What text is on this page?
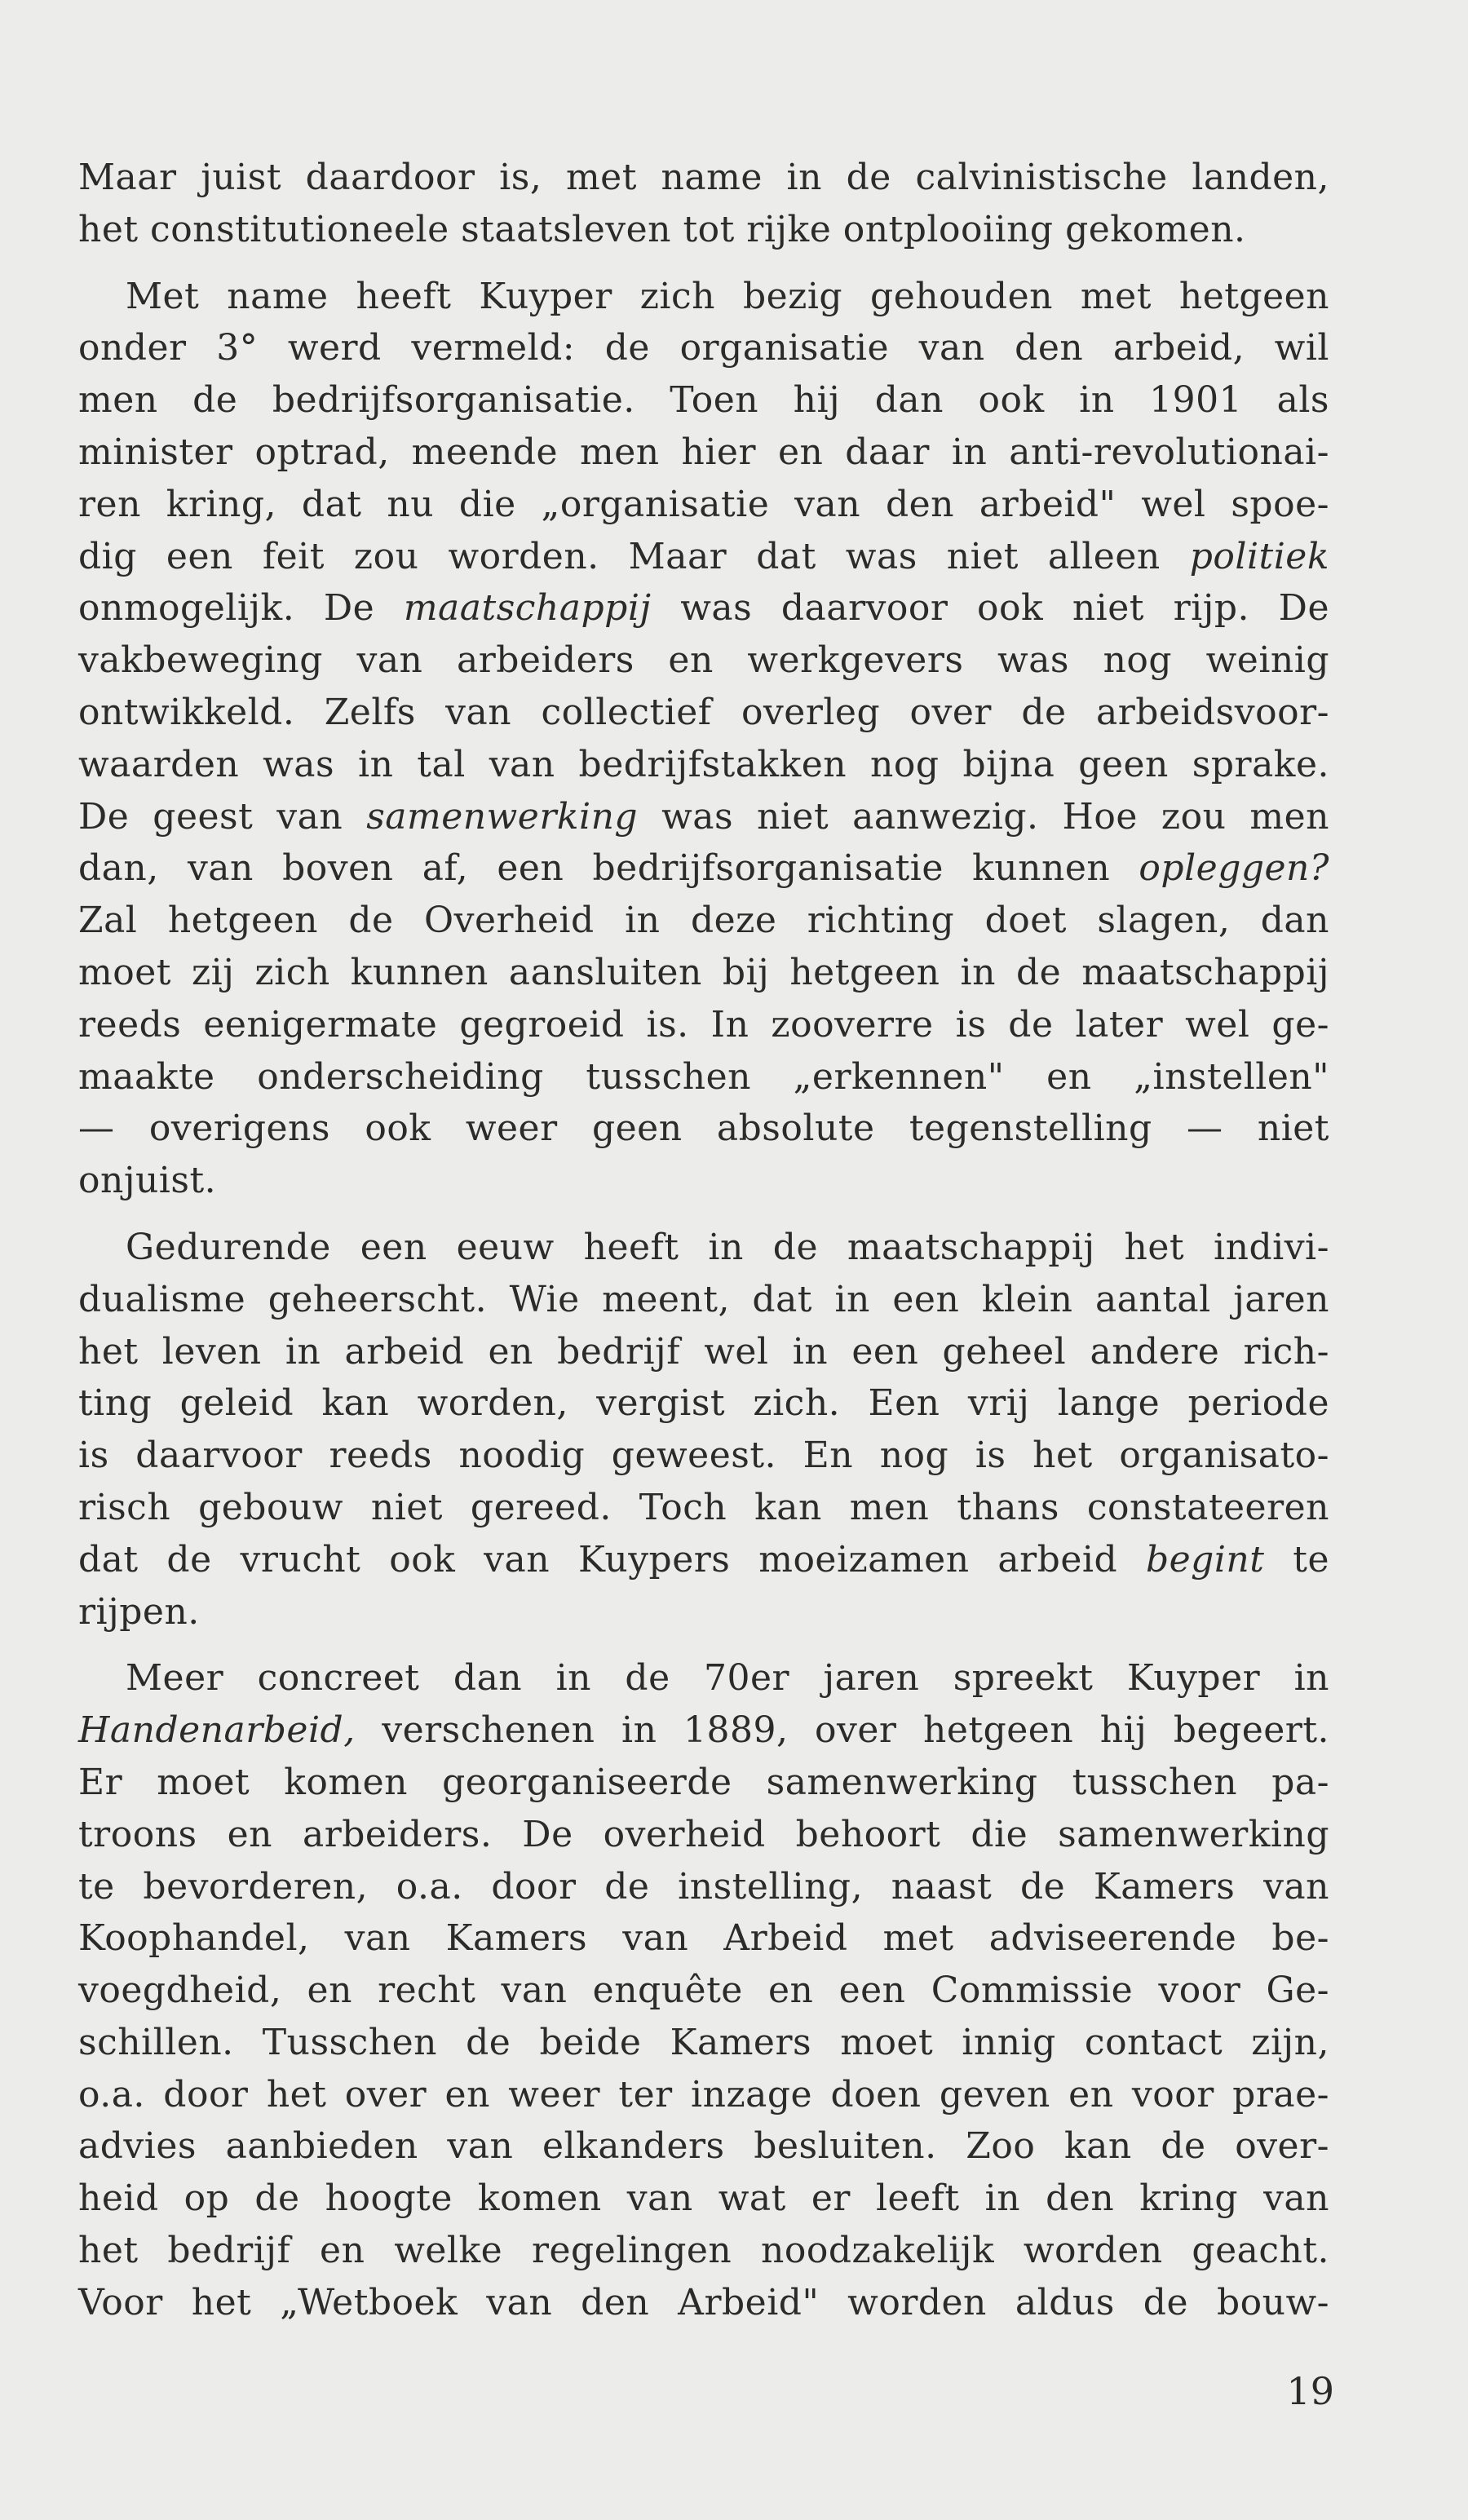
Maar juist daardoor is, met name in de calvinistische landen,
het constitutioneele staatsleven tot rijke ontplooiing gekomen.
Met name heeft Kuyper zich bezig gehouden met hetgeen
onder 3° werd vermeld: de organisatie van den arbeid, wil
men de bedrijfsorganisatie. Toen hij dan ook in 1901 als
minister optrad, meende men hier en daar in anti-revolutionai-
ren kring, dat nu die „organisatie van den arbeid" wel spoe-
dig een feit zou worden. Maar dat was niet alleen politiek
onmogelijk. De maatschappij was daarvoor ook niet rijp. De
vakbeweging van arbeiders en werkgevers was nog weinig
ontwikkeld. Zelfs van collectief overleg over de arbeidsvoor-
waarden was in tal van bedrijfstakken nog bijna geen sprake.
De geest van samenwerking was niet aanwezig. Hoe zou men
dan, van boven af, een bedrijfsorganisatie kunnen opleggen?
Zal hetgeen de Overheid in deze richting doet slagen, dan
moet zij zich kunnen aansluiten bij hetgeen in de maatschappij
reeds eenigermate gegroeid is. In zooverre is de later wel ge-
maakte onderscheiding tusschen „erkennen" en „instellen"
— overigens ook weer geen absolute tegenstelling — niet
onjuist.
Gedurende een eeuw heeft in de maatschappij het indivi-
dualisme geheerscht. Wie meent, dat in een klein aantal jaren
het leven in arbeid en bedrijf wel in een geheel andere rich-
ting geleid kan worden, vergist zich. Een vrij lange periode
is daarvoor reeds noodig geweest. En nog is het organisato-
risch gebouw niet gereed. Toch kan men thans constateeren
dat de vrucht ook van Kuypers moeizamen arbeid begint te
rijpen.
Meer concreet dan in de 70er jaren spreekt Kuyper in
Handenarbeid, verschenen in 1889, over hetgeen hij begeert.
Er moet komen georganiseerde samenwerking tusschen pa-
troons en arbeiders. De overheid behoort die samenwerking
te bevorderen, o.a. door de instelling, naast de Kamers van
Koophandel, van Kamers van Arbeid met adviseerende be-
voegdheid, en recht van enquête en een Commissie voor Ge-
schillen. Tusschen de beide Kamers moet innig contact zijn,
o.a. door het over en weer ter inzage doen geven en voor prae-
advies aanbieden van elkanders besluiten. Zoo kan de over-
heid op de hoogte komen van wat er leeft in den kring van
het bedrijf en welke regelingen noodzakelijk worden geacht.
Voor het „Wetboek van den Arbeid" worden aldus de bouw-
19
